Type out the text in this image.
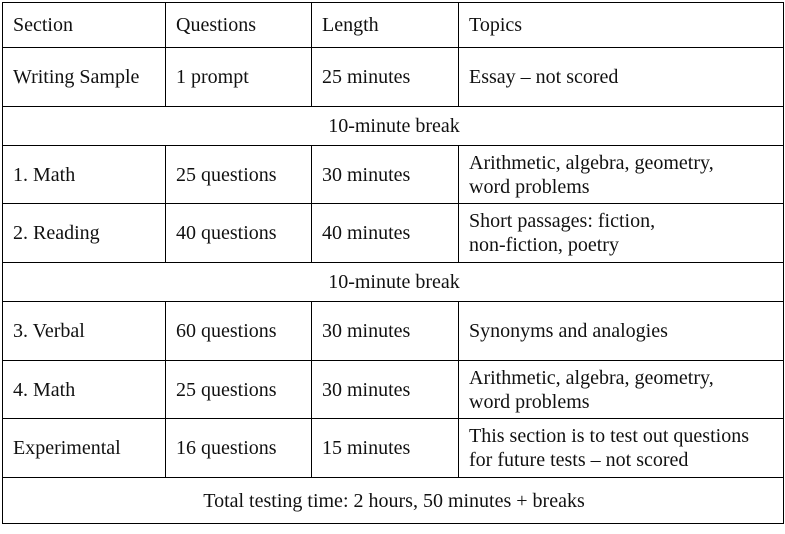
Section	Questions	Length	Topics
Writing Sample	1 prompt	25 minutes	Essay – not scored
10-minute break			
1. Math	25 questions	30 minutes	Arithmetic, algebra, geometry,
word problems
2. Reading	40 questions	40 minutes	Short passages: fiction,
non-fiction, poetry
10-minute break			
3. Verbal	60 questions	30 minutes	Synonyms and analogies
4. Math	25 questions	30 minutes	Arithmetic, algebra, geometry,
word problems
Experimental	16 questions	15 minutes	This section is to test out questions
for future tests – not scored
Total testing time: 2 hours, 50 minutes + breaks			
